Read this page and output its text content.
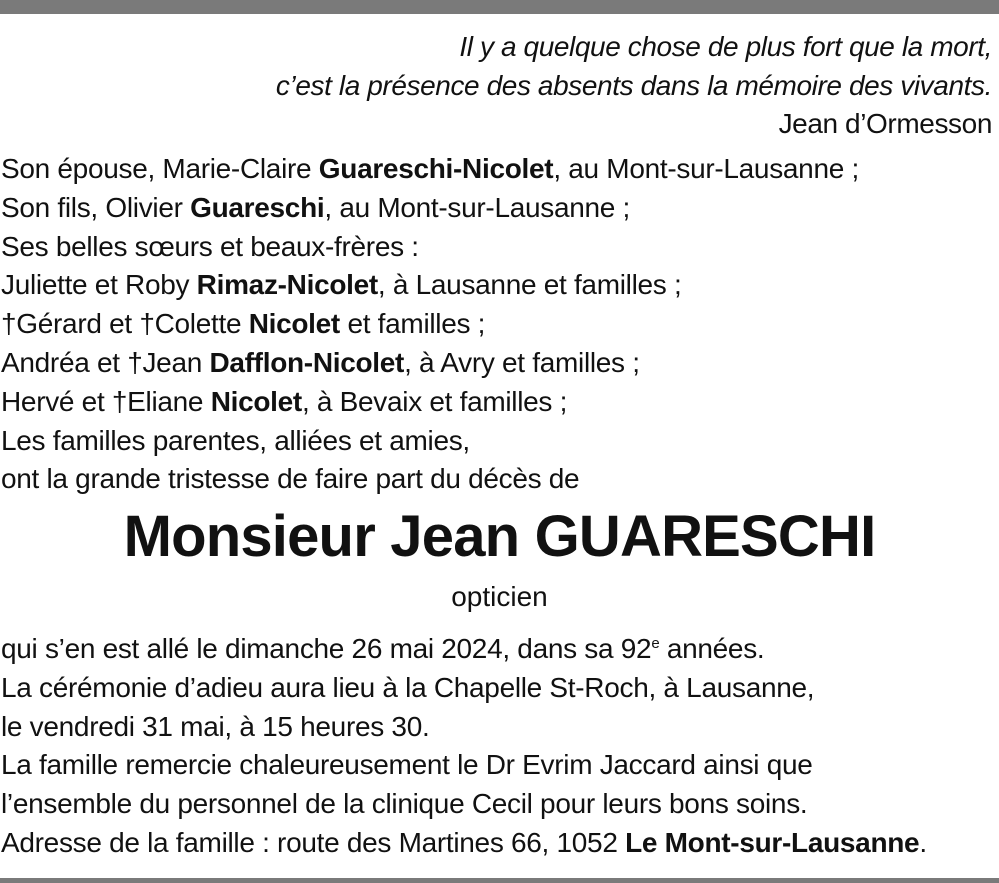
Il y a quelque chose de plus fort que la mort,
c’est la présence des absents dans la mémoire des vivants.
Jean d’Ormesson
Son épouse, Marie-Claire Guareschi-Nicolet, au Mont-sur-Lausanne ;
Son fils, Olivier Guareschi, au Mont-sur-Lausanne ;
Ses belles sœurs et beaux-frères :
Juliette et Roby Rimaz-Nicolet, à Lausanne et familles ;
†Gérard et †Colette Nicolet et familles ;
Andréa et †Jean Dafflon-Nicolet, à Avry et familles ;
Hervé et †Eliane Nicolet, à Bevaix et familles ;
Les familles parentes, alliées et amies,
ont la grande tristesse de faire part du décès de
Monsieur Jean GUARESCHI
opticien
qui s’en est allé le dimanche 26 mai 2024, dans sa 92e années.
La cérémonie d’adieu aura lieu à la Chapelle St-Roch, à Lausanne,
le vendredi 31 mai, à 15 heures 30.
La famille remercie chaleureusement le Dr Evrim Jaccard ainsi que
l’ensemble du personnel de la clinique Cecil pour leurs bons soins.
Adresse de la famille : route des Martines 66, 1052 Le Mont-sur-Lausanne.
